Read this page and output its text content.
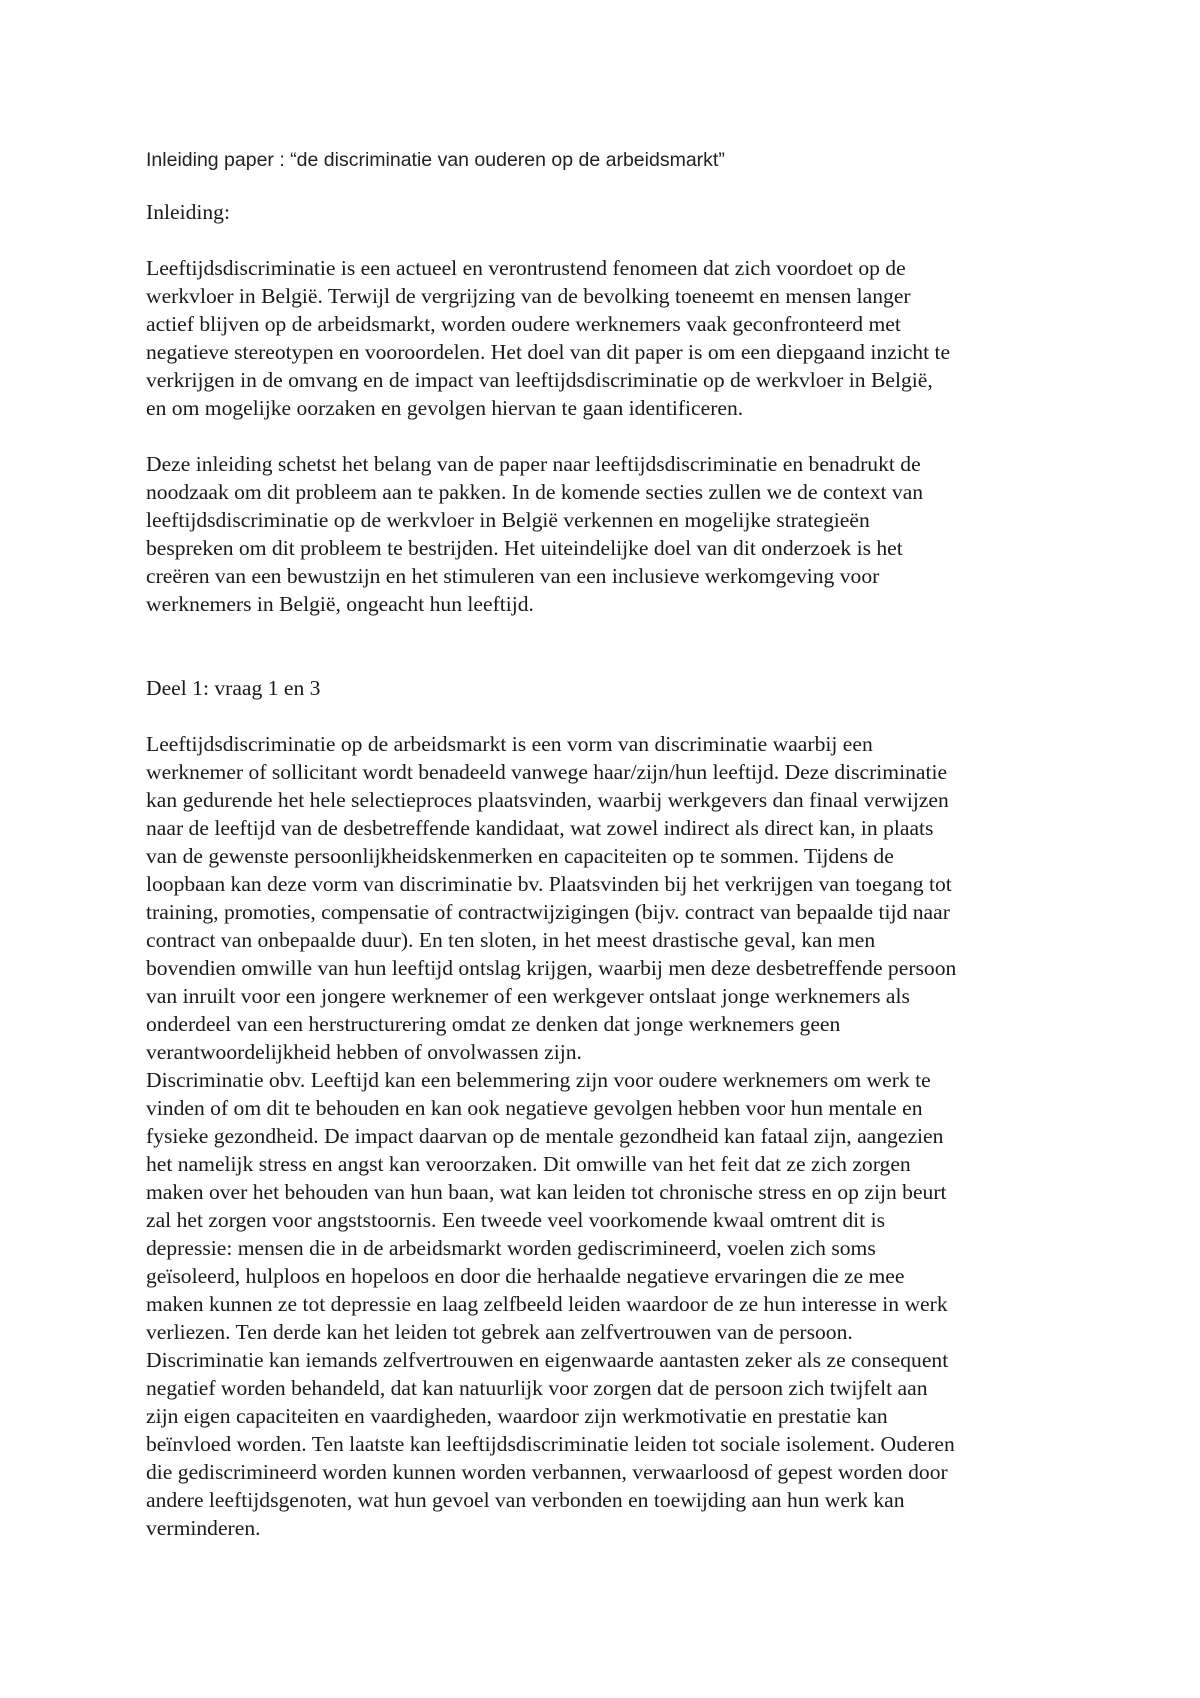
Inleiding paper : “de discriminatie van ouderen op de arbeidsmarkt”
Inleiding:
Leeftijdsdiscriminatie is een actueel en verontrustend fenomeen dat zich voordoet op de
werkvloer in België. Terwijl de vergrijzing van de bevolking toeneemt en mensen langer
actief blijven op de arbeidsmarkt, worden oudere werknemers vaak geconfronteerd met
negatieve stereotypen en vooroordelen. Het doel van dit paper is om een diepgaand inzicht te
verkrijgen in de omvang en de impact van leeftijdsdiscriminatie op de werkvloer in België,
en om mogelijke oorzaken en gevolgen hiervan te gaan identificeren.
Deze inleiding schetst het belang van de paper naar leeftijdsdiscriminatie en benadrukt de
noodzaak om dit probleem aan te pakken. In de komende secties zullen we de context van
leeftijdsdiscriminatie op de werkvloer in België verkennen en mogelijke strategieën
bespreken om dit probleem te bestrijden. Het uiteindelijke doel van dit onderzoek is het
creëren van een bewustzijn en het stimuleren van een inclusieve werkomgeving voor
werknemers in België, ongeacht hun leeftijd.
Deel 1: vraag 1 en 3
Leeftijdsdiscriminatie op de arbeidsmarkt is een vorm van discriminatie waarbij een
werknemer of sollicitant wordt benadeeld vanwege haar/zijn/hun leeftijd. Deze discriminatie
kan gedurende het hele selectieproces plaatsvinden, waarbij werkgevers dan finaal verwijzen
naar de leeftijd van de desbetreffende kandidaat, wat zowel indirect als direct kan, in plaats
van de gewenste persoonlijkheidskenmerken en capaciteiten op te sommen. Tijdens de
loopbaan kan deze vorm van discriminatie bv. Plaatsvinden bij het verkrijgen van toegang tot
training, promoties, compensatie of contractwijzigingen (bijv. contract van bepaalde tijd naar
contract van onbepaalde duur). En ten sloten, in het meest drastische geval, kan men
bovendien omwille van hun leeftijd ontslag krijgen, waarbij men deze desbetreffende persoon
van inruilt voor een jongere werknemer of een werkgever ontslaat jonge werknemers als
onderdeel van een herstructurering omdat ze denken dat jonge werknemers geen
verantwoordelijkheid hebben of onvolwassen zijn.
Discriminatie obv. Leeftijd kan een belemmering zijn voor oudere werknemers om werk te
vinden of om dit te behouden en kan ook negatieve gevolgen hebben voor hun mentale en
fysieke gezondheid. De impact daarvan op de mentale gezondheid kan fataal zijn, aangezien
het namelijk stress en angst kan veroorzaken. Dit omwille van het feit dat ze zich zorgen
maken over het behouden van hun baan, wat kan leiden tot chronische stress en op zijn beurt
zal het zorgen voor angststoornis. Een tweede veel voorkomende kwaal omtrent dit is
depressie: mensen die in de arbeidsmarkt worden gediscrimineerd, voelen zich soms
geïsoleerd, hulploos en hopeloos en door die herhaalde negatieve ervaringen die ze mee
maken kunnen ze tot depressie en laag zelfbeeld leiden waardoor de ze hun interesse in werk
verliezen. Ten derde kan het leiden tot gebrek aan zelfvertrouwen van de persoon.
Discriminatie kan iemands zelfvertrouwen en eigenwaarde aantasten zeker als ze consequent
negatief worden behandeld, dat kan natuurlijk voor zorgen dat de persoon zich twijfelt aan
zijn eigen capaciteiten en vaardigheden, waardoor zijn werkmotivatie en prestatie kan
beïnvloed worden. Ten laatste kan leeftijdsdiscriminatie leiden tot sociale isolement. Ouderen
die gediscrimineerd worden kunnen worden verbannen, verwaarloosd of gepest worden door
andere leeftijdsgenoten, wat hun gevoel van verbonden en toewijding aan hun werk kan
verminderen.
